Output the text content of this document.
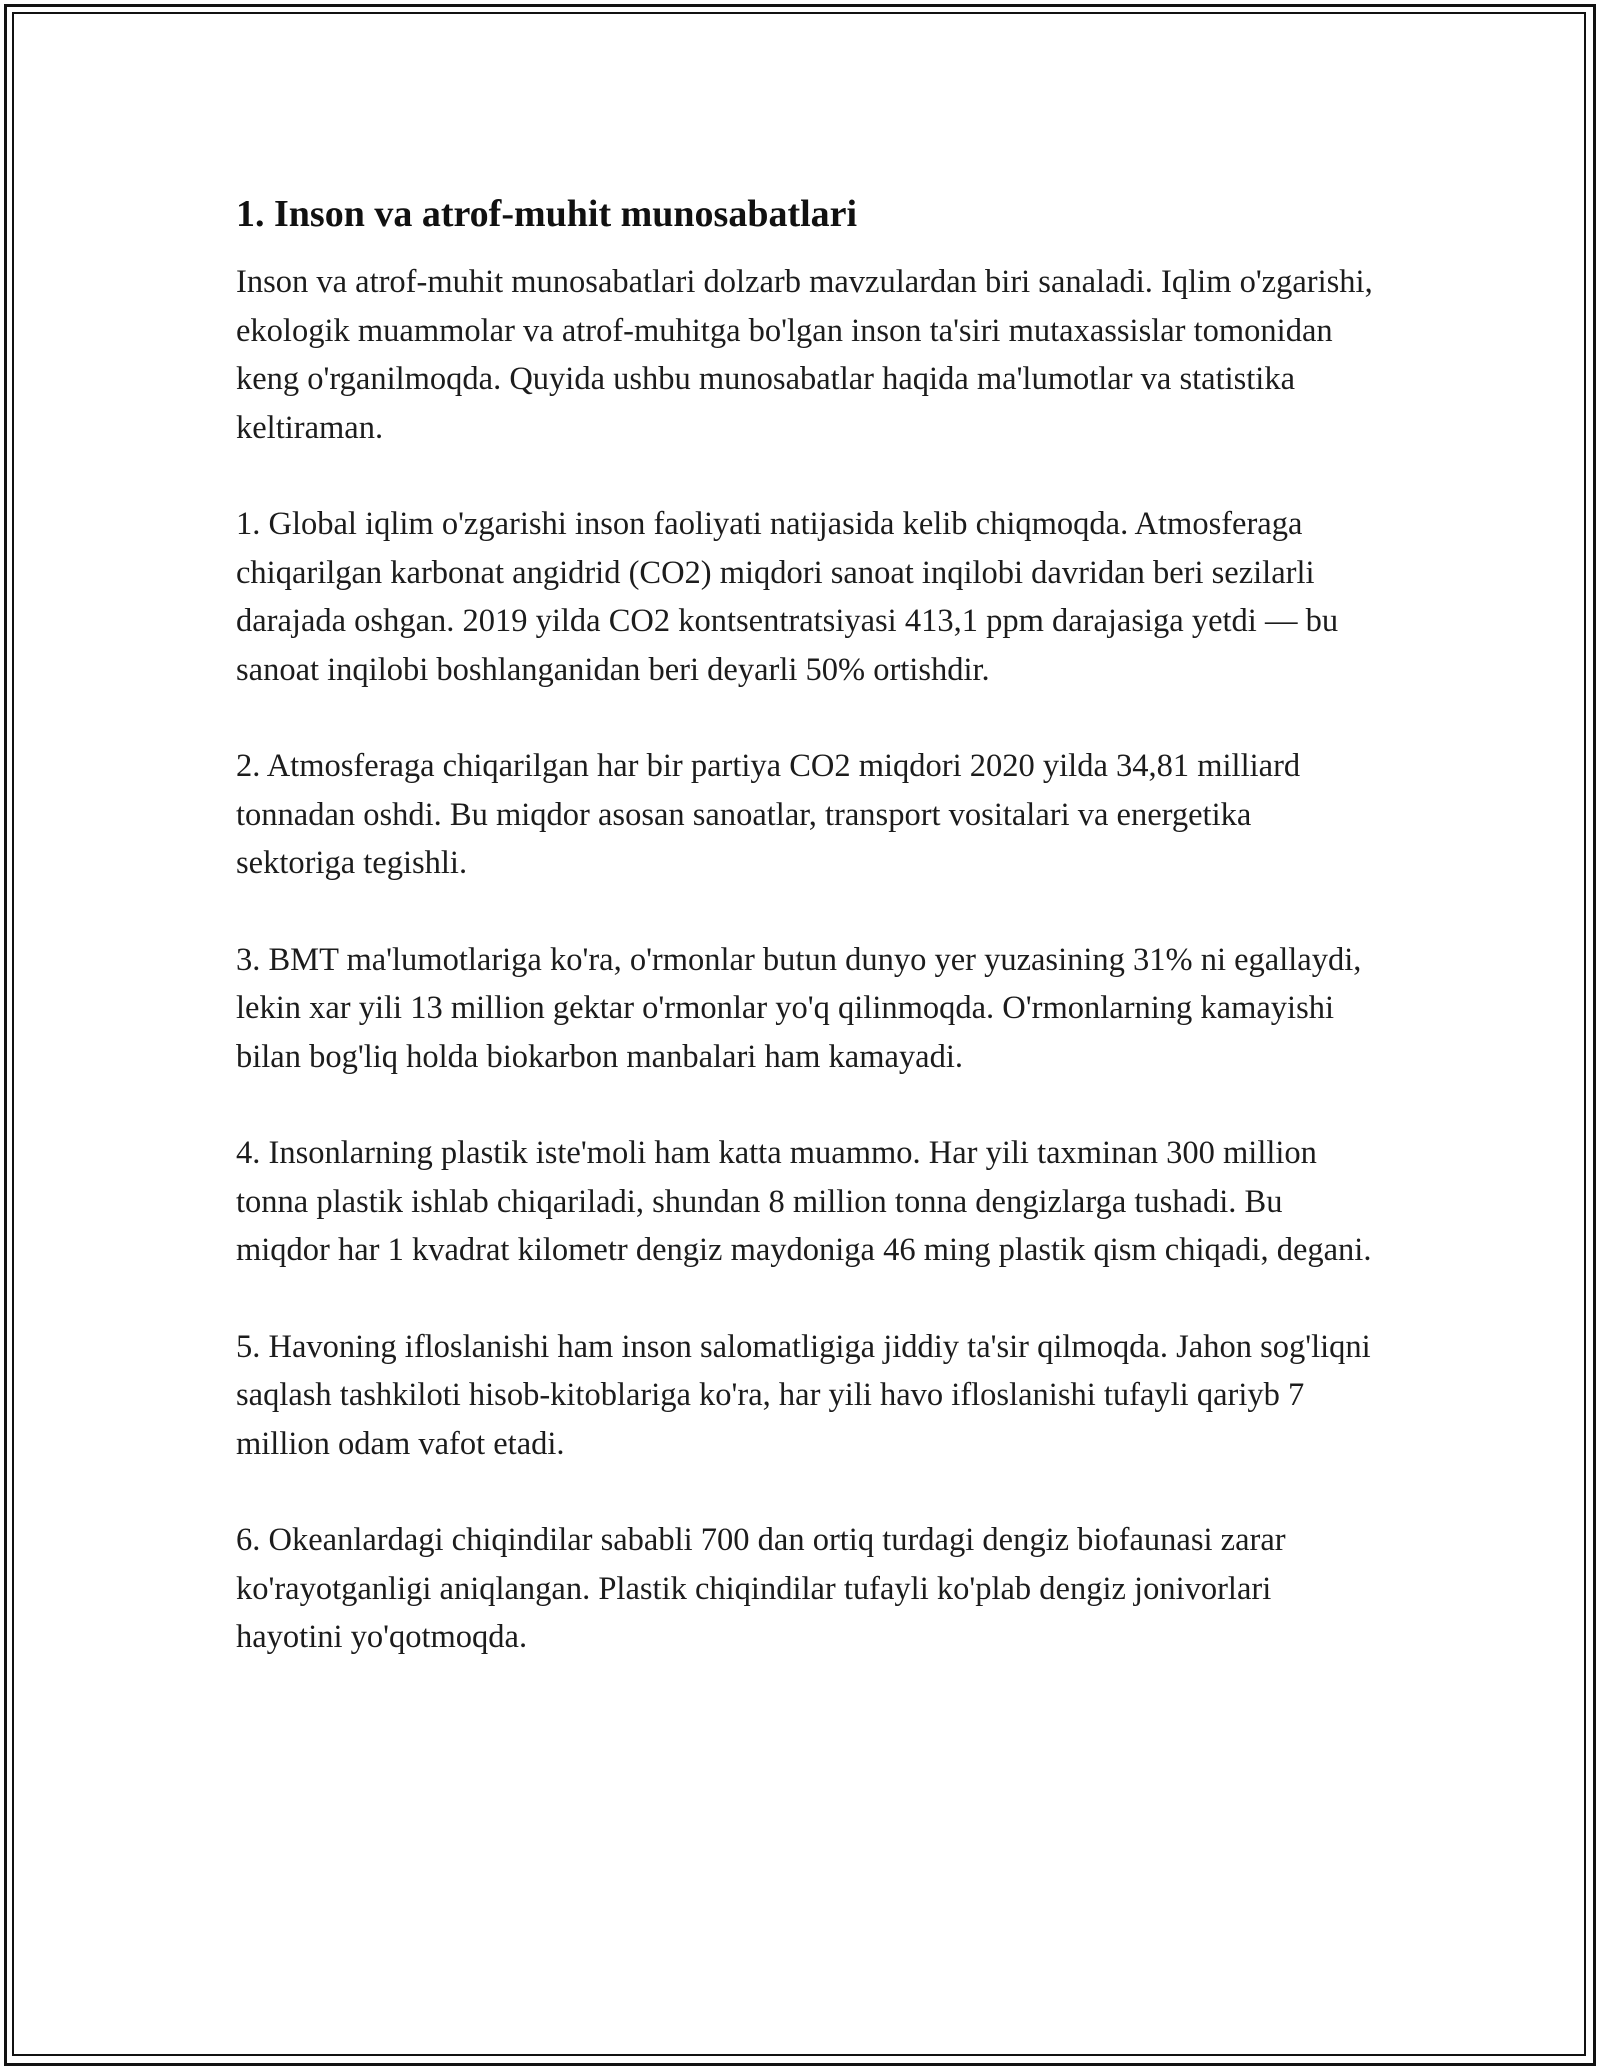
1. Inson va atrof-muhit munosabatlari

Inson va atrof-muhit munosabatlari dolzarb mavzulardan biri sanaladi. Iqlim o'zgarishi, ekologik muammolar va atrof-muhitga bo'lgan inson ta'siri mutaxassislar tomonidan keng o'rganilmoqda. Quyida ushbu munosabatlar haqida ma'lumotlar va statistika keltiraman.

1. Global iqlim o'zgarishi inson faoliyati natijasida kelib chiqmoqda. Atmosferaga chiqarilgan karbonat angidrid (CO2) miqdori sanoat inqilobi davridan beri sezilarli darajada oshgan. 2019 yilda CO2 kontsentratsiyasi 413,1 ppm darajasiga yetdi — bu sanoat inqilobi boshlanganidan beri deyarli 50% ortishdir.

2. Atmosferaga chiqarilgan har bir partiya CO2 miqdori 2020 yilda 34,81 milliard tonnadan oshdi. Bu miqdor asosan sanoatlar, transport vositalari va energetika sektoriga tegishli.

3. BMT ma'lumotlariga ko'ra, o'rmonlar butun dunyo yer yuzasining 31% ni egallaydi, lekin xar yili 13 million gektar o'rmonlar yo'q qilinmoqda. O'rmonlarning kamayishi bilan bog'liq holda biokarbon manbalari ham kamayadi.

4. Insonlarning plastik iste'moli ham katta muammo. Har yili taxminan 300 million tonna plastik ishlab chiqariladi, shundan 8 million tonna dengizlarga tushadi. Bu miqdor har 1 kvadrat kilometr dengiz maydoniga 46 ming plastik qism chiqadi, degani.

5. Havoning ifloslanishi ham inson salomatligiga jiddiy ta'sir qilmoqda. Jahon sog'liqni saqlash tashkiloti hisob-kitoblariga ko'ra, har yili havo ifloslanishi tufayli qariyb 7 million odam vafot etadi.

6. Okeanlardagi chiqindilar sababli 700 dan ortiq turdagi dengiz biofaunasi zarar ko'rayotganligi aniqlangan. Plastik chiqindilar tufayli ko'plab dengiz jonivorlari hayotini yo'qotmoqda.
